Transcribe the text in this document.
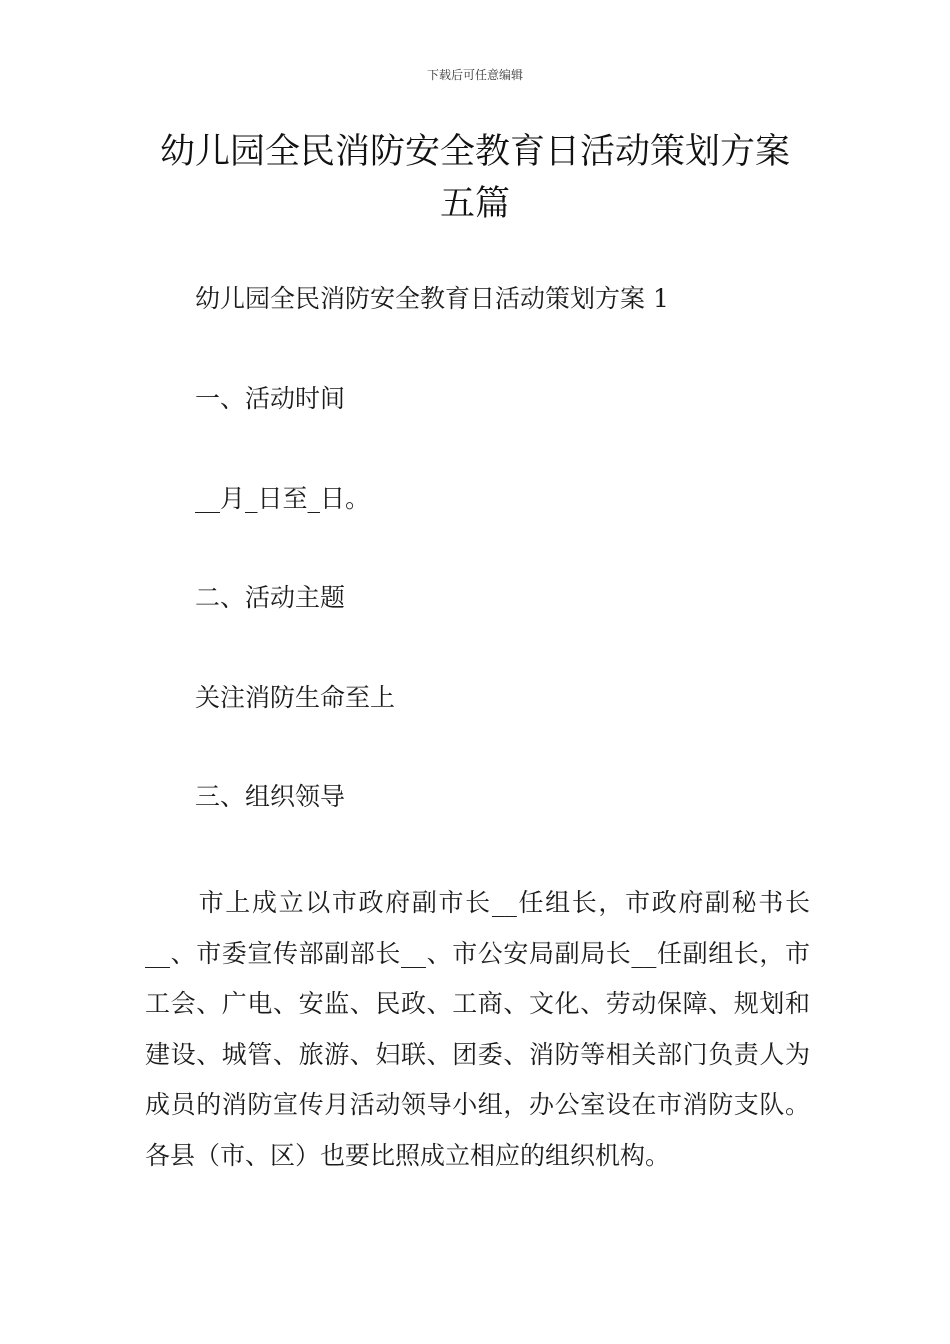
下载后可任意编辑
幼儿园全民消防安全教育日活动策划方案
五篇
幼儿园全民消防安全教育日活动策划方案 1
一、活动时间
__月_日至_日。
二、活动主题
关注消防生命至上
三、组织领导

市上成立以市政府副市长__任组长，市政府副秘书长__、市委宣传部副部长__、市公安局副局长__任副组长，市工会、广电、安监、民政、工商、文化、劳动保障、规划和建设、城管、旅游、妇联、团委、消防等相关部门负责人为成员的消防宣传月活动领导小组，办公室设在市消防支队。各县（市、区）也要比照成立相应的组织机构。
